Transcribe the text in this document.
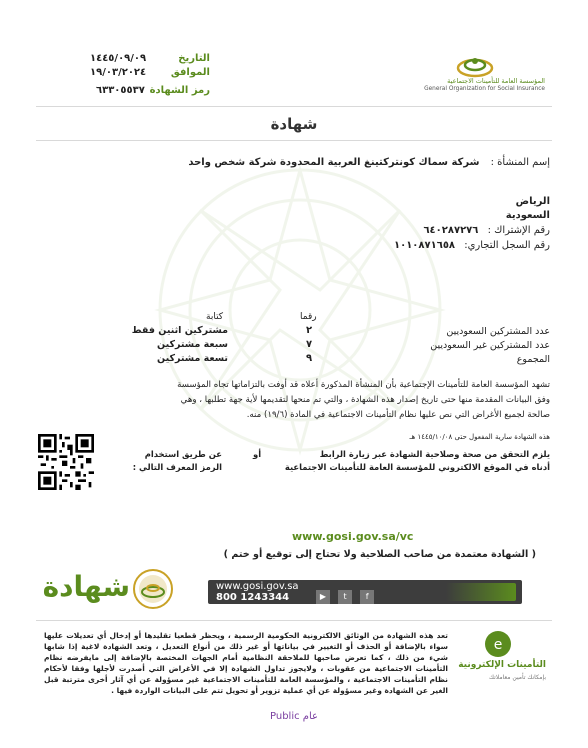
المؤسسة العامة للتأمينات الاجتماعية
General Organization for Social Insurance
التاريخ
١٤٤٥/٠٩/٠٩
الموافق
١٩/٠٣/٢٠٢٤
رمز الشهادة
٦٣٣٠٥٥٣٧
شهادة
إسم المنشأة : شركة سماك كونتركتينغ العربية المحدودة شركة شخص واحد
الرياض
السعودية
رقم الإشتراك : ٦٤٠٢٨٧٢٧٦
رقم السجل التجاري: ١٠١٠٨٧١٦٥٨
رقما
كتابة
عدد المشتركين السعوديين
٢
مشتركين اثنين فقط
عدد المشتركين غير السعوديين
٧
سبعة مشتركين
المجموع
٩
تسعة مشتركين
تشهد المؤسسة العامة للتأمينات الإجتماعية بأن المنشأة المذكورة أعلاه قد أوفت بالتزاماتها تجاه المؤسسة
وفق البيانات المقدمة منها حتى تاريخ إصدار هذه الشهادة ، والتي تم منحها لتقديمها لأية جهة تطلبها ، وهي
صالحة لجميع الأغراض التي نص عليها نظام التأمينات الاجتماعية في المادة (١٩/٦) منه.
هذه الشهادة سارية المفعول حتى ١٤٤٥/١٠/٠٨ هـ
يلزم التحقق من صحة وصلاحية الشهادة عبر زيارة الرابط
أو
عن طريق استخدام
أدناه في الموقع الالكتروني للمؤسسة العامة للتأمينات الاجتماعية
الرمز المعرف التالي :
www.gosi.gov.sa/vc
( الشهادة معتمدة من صاحب الصلاحية ولا تحتاج إلى توقيع أو ختم )
شهادة	www.gosi.gov.sa
800 1243344	▶ t f
e
التأمينات الإلكترونية
بإمكانك تأمين معاملاتك
تعد هذه الشهادة من الوثائق الالكترونية الحكومية الرسمية ، ويحظر قطعيا تقليدها أو إدخال أي تعديلات عليها سواء بالإضافة أو الحذف أو التغيير في بياناتها أو غير ذلك من أنواع التعديل ، وتعد الشهادة لاغية إذا شابها شيء من ذلك ، كما تعرض صاحبها للملاحقة النظامية أمام الجهات المختصة بالإضافة إلى مايفرضه نظام التأمينات الاجتماعية من عقوبات ، ولايجوز تداول الشهادة إلا في الأغراض التي أصدرت لأجلها وفقا لأحكام نظام التأمينات الاجتماعية ، والمؤسسة العامة للتأمينات الاجتماعية غير مسؤولة عن أي آثار أخرى مترتبة قبل الغير عن الشهادة وغير مسؤولة عن أي عملية تزوير أو تحويل تتم على البيانات الواردة فيها .
Public عام
